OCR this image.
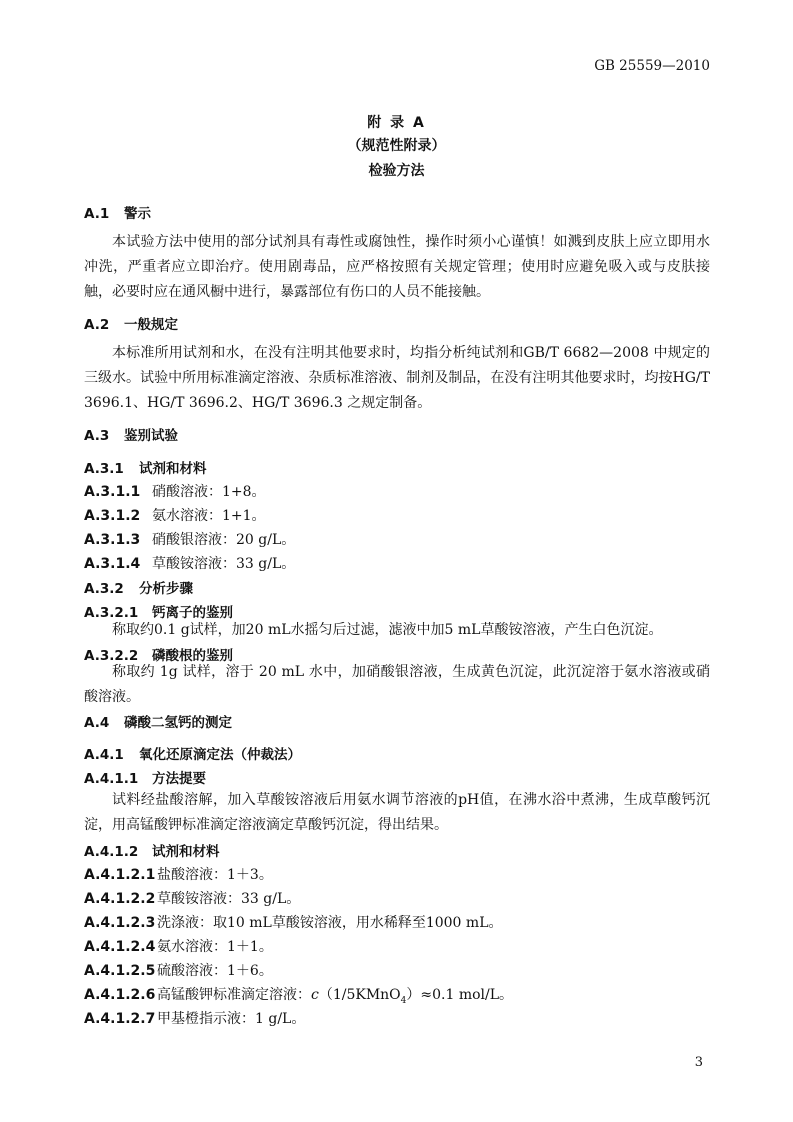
GB 25559—2010
附 录 A
（规范性附录）
检验方法
A.1 警示
本试验方法中使用的部分试剂具有毒性或腐蚀性，操作时须小心谨慎！如溅到皮肤上应立即用水冲洗，严重者应立即治疗。使用剧毒品，应严格按照有关规定管理；使用时应避免吸入或与皮肤接触，必要时应在通风橱中进行，暴露部位有伤口的人员不能接触。
A.2 一般规定
本标准所用试剂和水，在没有注明其他要求时，均指分析纯试剂和GB/T 6682—2008 中规定的三级水。试验中所用标准滴定溶液、杂质标准溶液、制剂及制品，在没有注明其他要求时，均按HG/T 3696.1、HG/T 3696.2、HG/T 3696.3 之规定制备。
A.3 鉴别试验
A.3.1 试剂和材料
A.3.1.1 硝酸溶液：1+8。
A.3.1.2 氨水溶液：1+1。
A.3.1.3 硝酸银溶液：20 g/L。
A.3.1.4 草酸铵溶液：33 g/L。
A.3.2 分析步骤
A.3.2.1 钙离子的鉴别
称取约0.1 g试样，加20 mL水摇匀后过滤，滤液中加5 mL草酸铵溶液，产生白色沉淀。
A.3.2.2 磷酸根的鉴别
称取约 1g 试样，溶于 20 mL 水中，加硝酸银溶液，生成黄色沉淀，此沉淀溶于氨水溶液或硝酸溶液。
A.4 磷酸二氢钙的测定
A.4.1 氧化还原滴定法（仲裁法）
A.4.1.1 方法提要
试料经盐酸溶解，加入草酸铵溶液后用氨水调节溶液的pH值，在沸水浴中煮沸，生成草酸钙沉淀，用高锰酸钾标准滴定溶液滴定草酸钙沉淀，得出结果。
A.4.1.2 试剂和材料
A.4.1.2.1 盐酸溶液：1＋3。
A.4.1.2.2 草酸铵溶液：33 g/L。
A.4.1.2.3 洗涤液：取10 mL草酸铵溶液，用水稀释至1000 mL。
A.4.1.2.4 氨水溶液：1＋1。
A.4.1.2.5 硫酸溶液：1＋6。
A.4.1.2.6 高锰酸钾标准滴定溶液：c（1/5KMnO$_4$）≈0.1 mol/L。
A.4.1.2.7 甲基橙指示液：1 g/L。
3
